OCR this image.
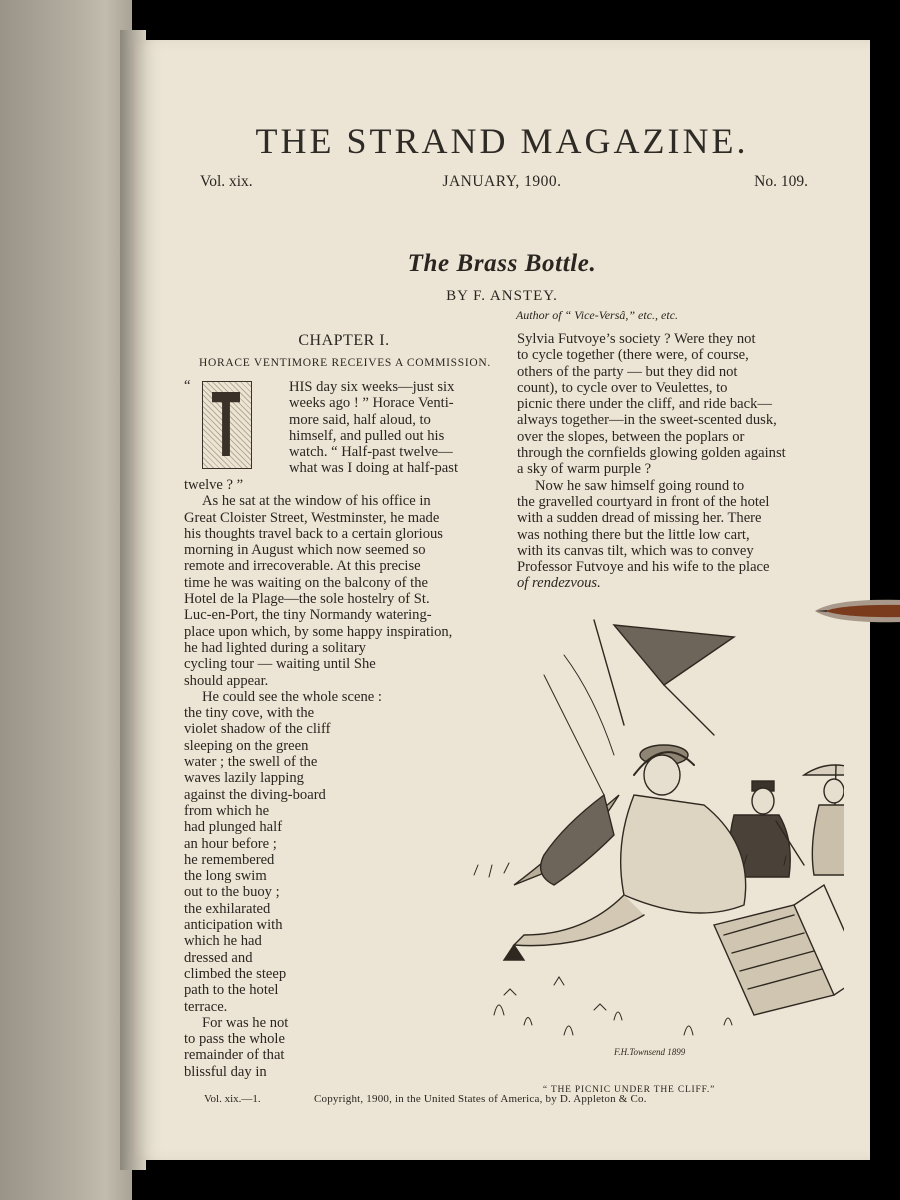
THE STRAND MAGAZINE.
Vol. xix.	JANUARY, 1900.	No. 109.
The Brass Bottle.
BY F. ANSTEY.
Author of “ Vice-Versâ,” etc., etc.
CHAPTER I.
HORACE VENTIMORE RECEIVES A COMMISSION.
“	HIS day six weeks—just six

weeks ago ! ” Horace Venti-

more said, half aloud, to

himself, and pulled out his

watch. “ Half-past twelve—

what was I doing at half-past

twelve ? ”

As he sat at the window of his office in

Great Cloister Street, Westminster, he made

his thoughts travel back to a certain glorious

morning in August which now seemed so

remote and irrecoverable. At this precise

time he was waiting on the balcony of the

Hotel de la Plage—the sole hostelry of St.

Luc-en-Port, the tiny Normandy watering-

place upon which, by some happy inspiration,

he had lighted during a solitary

cycling tour — waiting until She

should appear.

He could see the whole scene :

the tiny cove, with the

violet shadow of the cliff

sleeping on the green

water ; the swell of the

waves lazily lapping

against the diving-board

from which he

had plunged half

an hour before ;

he remembered

the long swim

out to the buoy ;

the exhilarated

anticipation with

which he had

dressed and

climbed the steep

path to the hotel

terrace.

For was he not

to pass the whole

remainder of that

blissful day in

Sylvia Futvoye’s society ? Were they not

to cycle together (there were, of course,

others of the party — but they did not

count), to cycle over to Veulettes, to

picnic there under the cliff, and ride back—

always together—in the sweet-scented dusk,

over the slopes, between the poplars or

through the cornfields glowing golden against

a sky of warm purple ?

Now he saw himself going round to

the gravelled courtyard in front of the hotel

with a sudden dread of missing her. There

was nothing there but the little low cart,

with its canvas tilt, which was to convey

Professor Futvoye and his wife to the place

of rendezvous.

F.H.Townsend 1899
“ THE PICNIC UNDER THE CLIFF.”
Vol. xix.—1.	Copyright, 1900, in the United States of America, by D. Appleton & Co.
